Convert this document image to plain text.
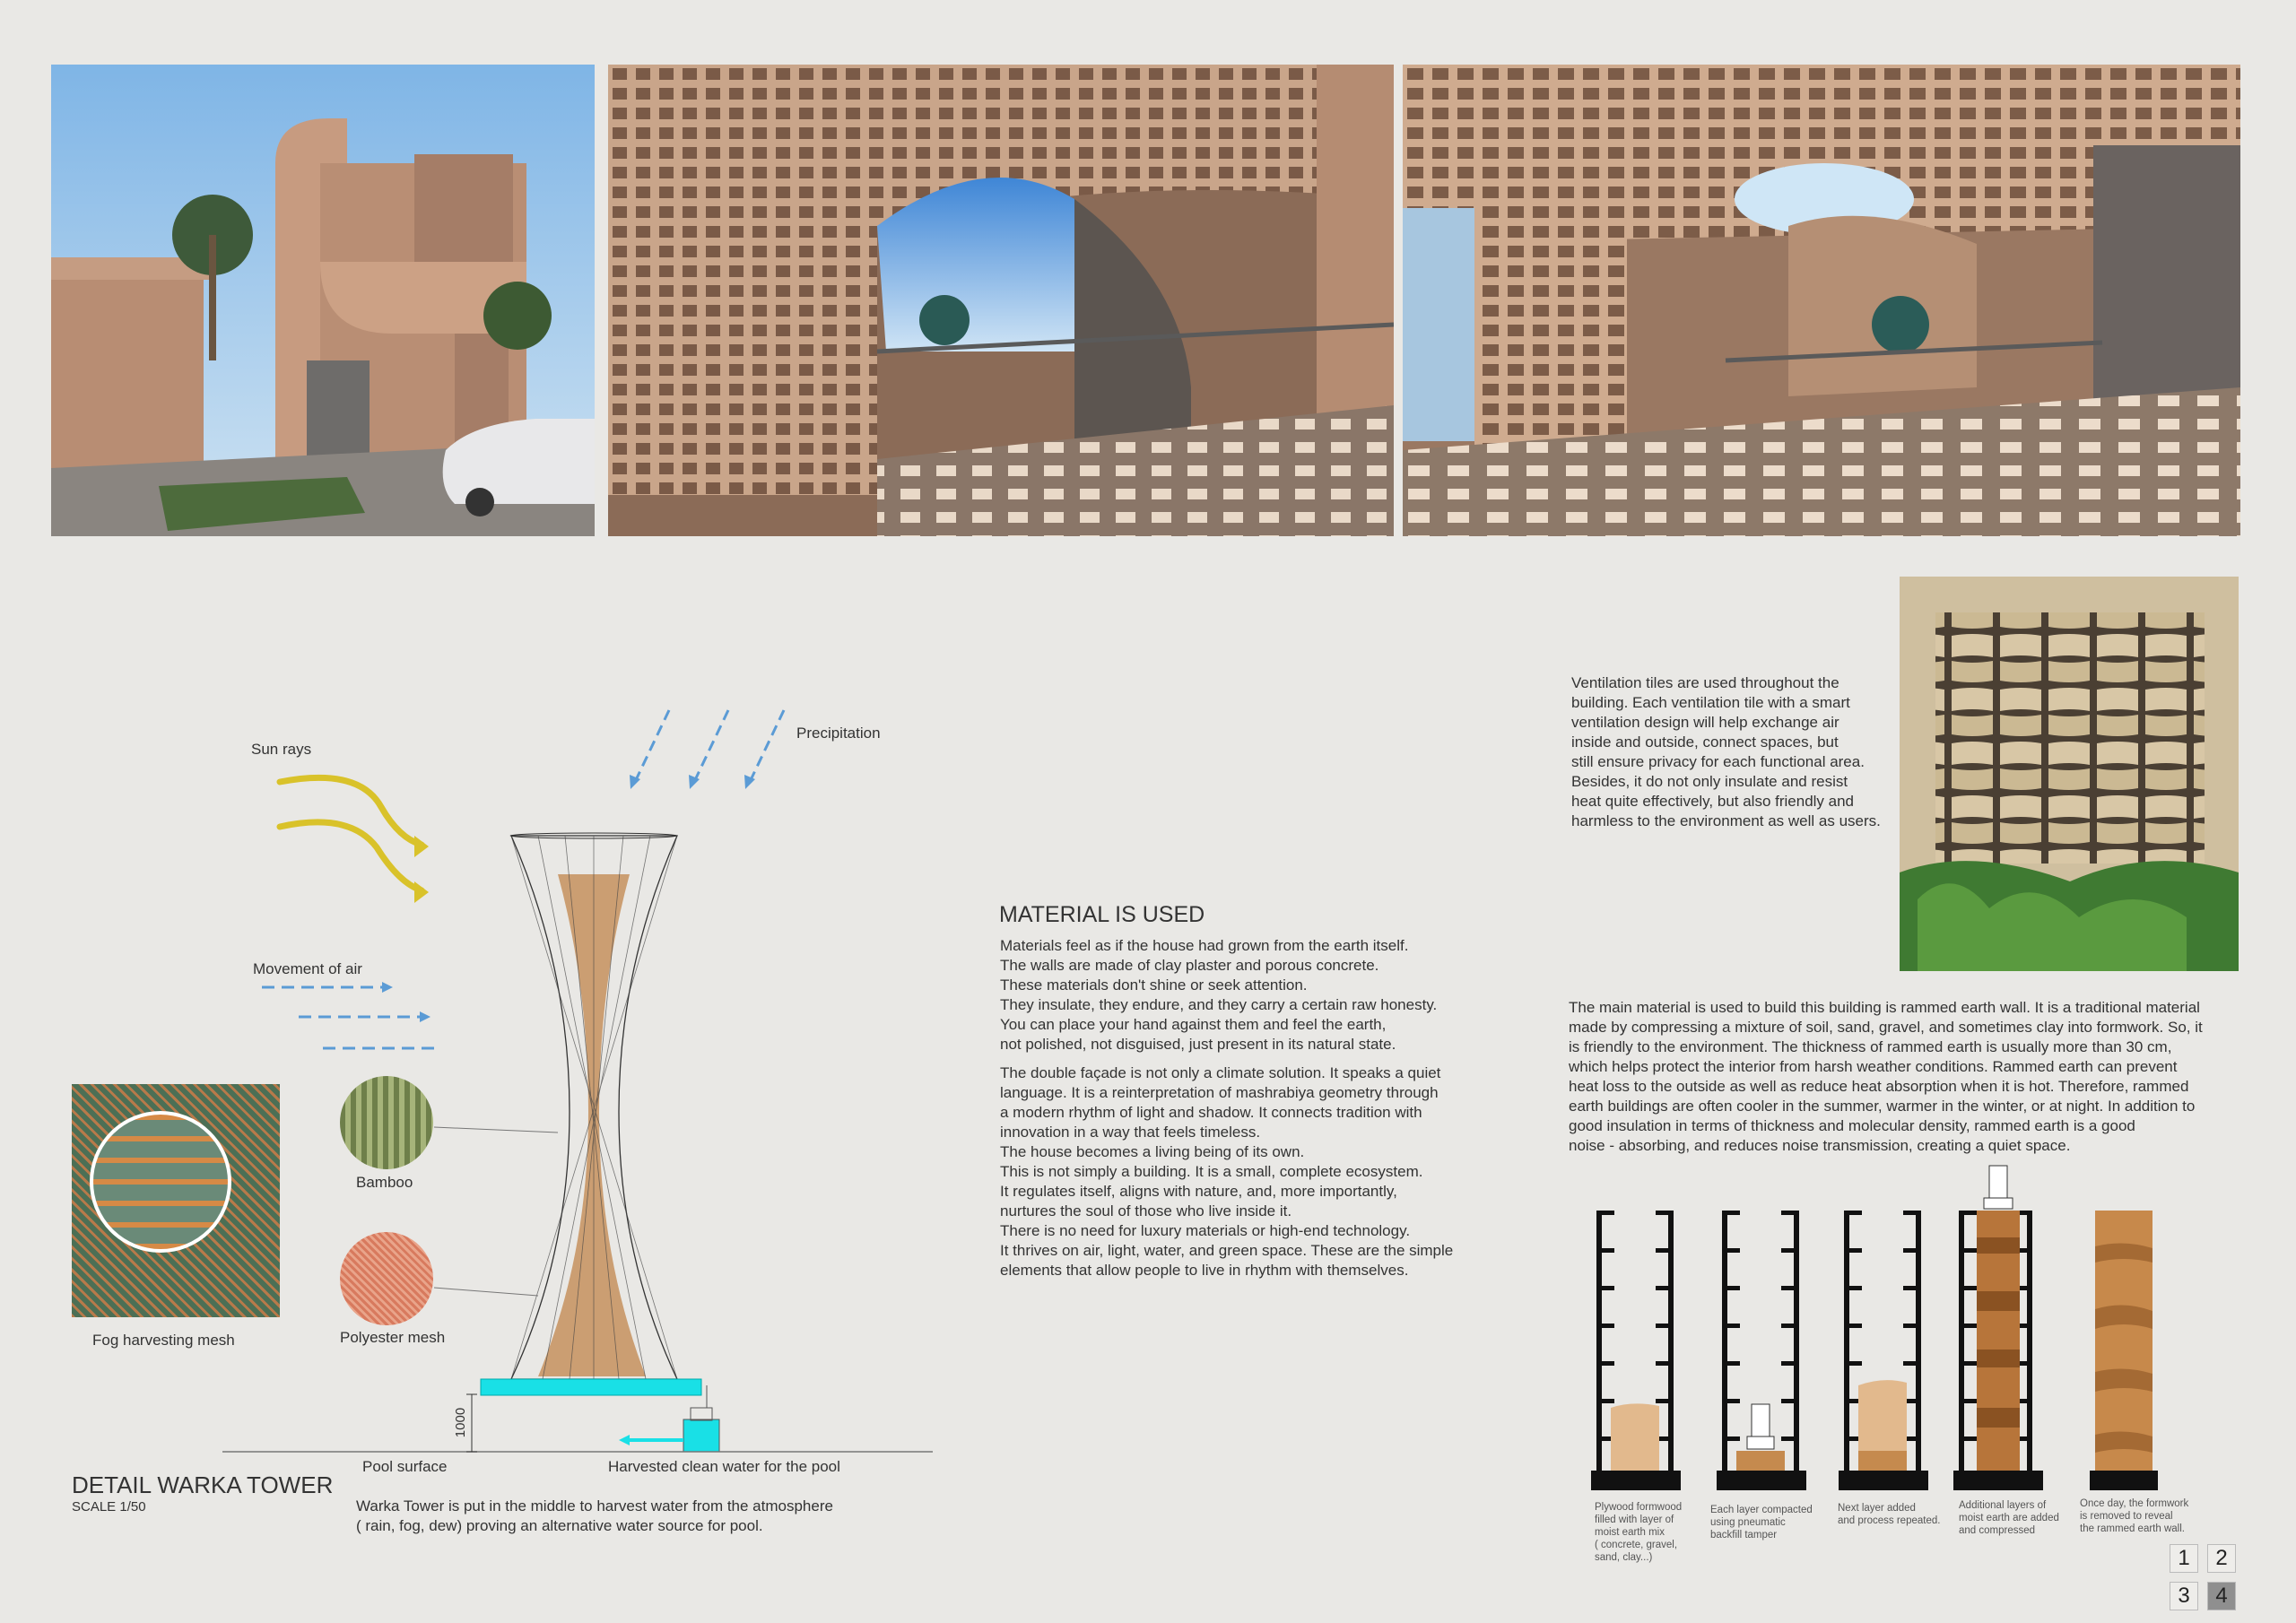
Sun rays
Precipitation
Movement of air
1000
Fog harvesting mesh
Bamboo
Polyester mesh
Pool surface	Harvested clean water for the pool
DETAIL WARKA TOWER
SCALE 1/50	Warka Tower is put in the middle to harvest water from the atmosphere
( rain, fog, dew) proving an alternative water source for pool.
MATERIAL IS USED
Materials feel as if the house had grown from the earth itself.
The walls are made of clay plaster and porous concrete.
These materials don't shine or seek attention.
They insulate, they endure, and they carry a certain raw honesty.
You can place your hand against them and feel the earth,
not polished, not disguised, just present in its natural state.
The double façade is not only a climate solution. It speaks a quiet
language. It is a reinterpretation of mashrabiya geometry through
a modern rhythm of light and shadow. It connects tradition with
innovation in a way that feels timeless.
The house becomes a living being of its own.
This is not simply a building. It is a small, complete ecosystem.
It regulates itself, aligns with nature, and, more importantly,
nurtures the soul of those who live inside it.
There is no need for luxury materials or high-end technology.
It thrives on air, light, water, and green space. These are the simple
elements that allow people to live in rhythm with themselves.
Ventilation tiles are used throughout the
building. Each ventilation tile with a smart
ventilation design will help exchange air
inside and outside, connect spaces, but
still ensure privacy for each functional area.
Besides, it do not only insulate and resist
heat quite effectively, but also friendly and
harmless to the environment as well as users.
The main material is used to build this building is rammed earth wall. It is a traditional material
made by compressing a mixture of soil, sand, gravel, and sometimes clay into formwork. So, it
is friendly to the environment. The thickness of rammed earth is usually more than 30 cm,
which helps protect the interior from harsh weather conditions. Rammed earth can prevent
heat loss to the outside as well as reduce heat absorption when it is hot. Therefore, rammed
earth buildings are often cooler in the summer, warmer in the winter, or at night. In addition to
good insulation in terms of thickness and molecular density, rammed earth is a good
noise - absorbing, and reduces noise transmission, creating a quiet space.
Plywood formwood
filled with layer of
moist earth mix
( concrete, gravel,
sand, clay...)
Each layer compacted
using pneumatic
backfill tamper
Next layer added
and process repeated.
Additional layers of
moist earth are added
and compressed
Once day, the formwork
is removed to reveal
the rammed earth wall.
1	2
3	4
